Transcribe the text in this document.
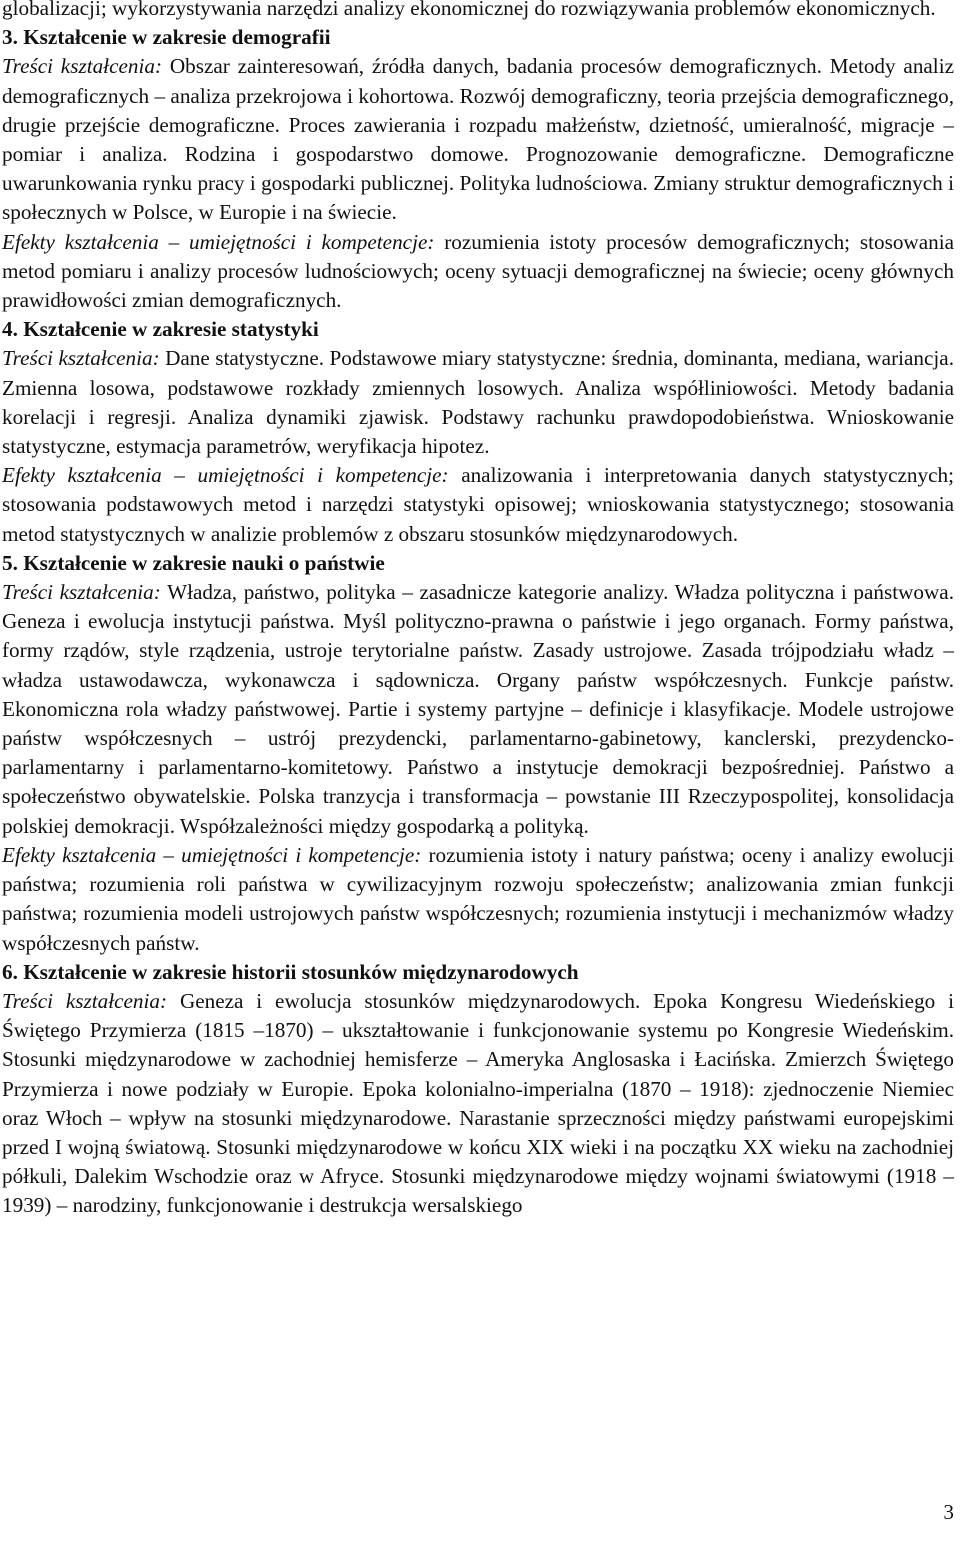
globalizacji; wykorzystywania narzędzi analizy ekonomicznej do rozwiązywania problemów ekonomicznych.

3. Kształcenie w zakresie demografii

Treści kształcenia: Obszar zainteresowań, źródła danych, badania procesów demograficznych. Metody analiz demograficznych – analiza przekrojowa i kohortowa. Rozwój demograficzny, teoria przejścia demograficznego, drugie przejście demograficzne. Proces zawierania i rozpadu małżeństw, dzietność, umieralność, migracje – pomiar i analiza. Rodzina i gospodarstwo domowe. Prognozowanie demograficzne. Demograficzne uwarunkowania rynku pracy i gospodarki publicznej. Polityka ludnościowa. Zmiany struktur demograficznych i społecznych w Polsce, w Europie i na świecie.

Efekty kształcenia – umiejętności i kompetencje: rozumienia istoty procesów demograficznych; stosowania metod pomiaru i analizy procesów ludnościowych; oceny sytuacji demograficznej na świecie; oceny głównych prawidłowości zmian demograficznych.

4. Kształcenie w zakresie statystyki

Treści kształcenia: Dane statystyczne. Podstawowe miary statystyczne: średnia, dominanta, mediana, wariancja. Zmienna losowa, podstawowe rozkłady zmiennych losowych. Analiza współliniowości. Metody badania korelacji i regresji. Analiza dynamiki zjawisk. Podstawy rachunku prawdopodobieństwa. Wnioskowanie statystyczne, estymacja parametrów, weryfikacja hipotez.

Efekty kształcenia – umiejętności i kompetencje: analizowania i interpretowania danych statystycznych; stosowania podstawowych metod i narzędzi statystyki opisowej; wnioskowania statystycznego; stosowania metod statystycznych w analizie problemów z obszaru stosunków międzynarodowych.

5. Kształcenie w zakresie nauki o państwie

Treści kształcenia: Władza, państwo, polityka – zasadnicze kategorie analizy. Władza polityczna i państwowa. Geneza i ewolucja instytucji państwa. Myśl polityczno-prawna o państwie i jego organach. Formy państwa, formy rządów, style rządzenia, ustroje terytorialne państw. Zasady ustrojowe. Zasada trójpodziału władz – władza ustawodawcza, wykonawcza i sądownicza. Organy państw współczesnych. Funkcje państw. Ekonomiczna rola władzy państwowej. Partie i systemy partyjne – definicje i klasyfikacje. Modele ustrojowe państw współczesnych – ustrój prezydencki, parlamentarno-gabinetowy, kanclerski, prezydencko-parlamentarny i parlamentarno-komitetowy. Państwo a instytucje demokracji bezpośredniej. Państwo a społeczeństwo obywatelskie. Polska tranzycja i transformacja – powstanie III Rzeczypospolitej, konsolidacja polskiej demokracji. Współzależności między gospodarką a polityką.

Efekty kształcenia – umiejętności i kompetencje: rozumienia istoty i natury państwa; oceny i analizy ewolucji państwa; rozumienia roli państwa w cywilizacyjnym rozwoju społeczeństw; analizowania zmian funkcji państwa; rozumienia modeli ustrojowych państw współczesnych; rozumienia instytucji i mechanizmów władzy współczesnych państw.

6. Kształcenie w zakresie historii stosunków międzynarodowych

Treści kształcenia: Geneza i ewolucja stosunków międzynarodowych. Epoka Kongresu Wiedeńskiego i Świętego Przymierza (1815 –1870) – ukształtowanie i funkcjonowanie systemu po Kongresie Wiedeńskim. Stosunki międzynarodowe w zachodniej hemisferze – Ameryka Anglosaska i Łacińska. Zmierzch Świętego Przymierza i nowe podziały w Europie. Epoka kolonialno-imperialna (1870 – 1918): zjednoczenie Niemiec oraz Włoch – wpływ na stosunki międzynarodowe. Narastanie sprzeczności między państwami europejskimi przed I wojną światową. Stosunki międzynarodowe w końcu XIX wieki i na początku XX wieku na zachodniej półkuli, Dalekim Wschodzie oraz w Afryce. Stosunki międzynarodowe między wojnami światowymi (1918 – 1939) – narodziny, funkcjonowanie i destrukcja wersalskiego

3
